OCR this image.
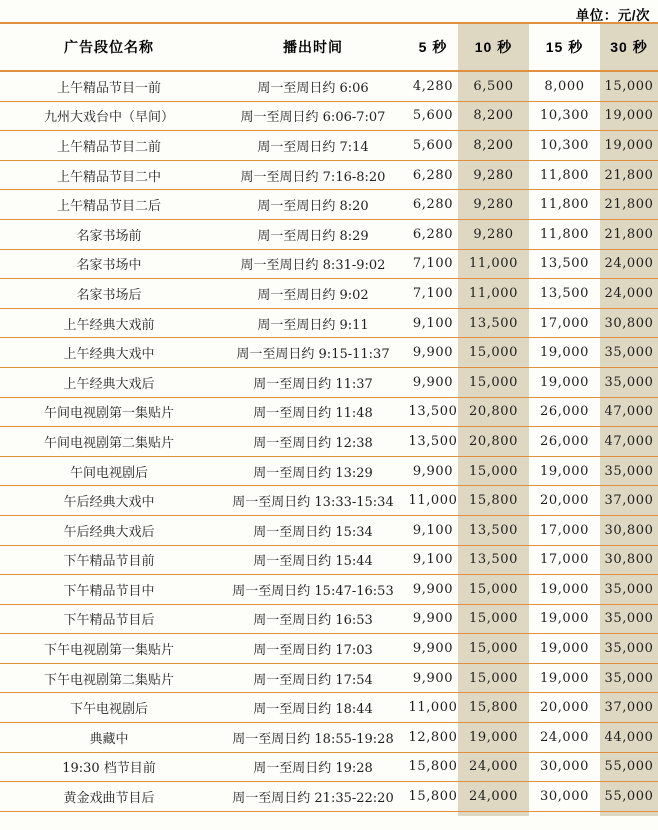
单位：元/次
广告段位名称	播出时间	5 秒	10 秒	15 秒	30 秒
上午精品节目一前	周一至周日约 6:06	4,280	6,500	8,000	15,000
九州大戏台中（早间）	周一至周日约 6:06-7:07	5,600	8,200	10,300	19,000
上午精品节目二前	周一至周日约 7:14	5,600	8,200	10,300	19,000
上午精品节目二中	周一至周日约 7:16-8:20	6,280	9,280	11,800	21,800
上午精品节目二后	周一至周日约 8:20	6,280	9,280	11,800	21,800
名家书场前	周一至周日约 8:29	6,280	9,280	11,800	21,800
名家书场中	周一至周日约 8:31-9:02	7,100	11,000	13,500	24,000
名家书场后	周一至周日约 9:02	7,100	11,000	13,500	24,000
上午经典大戏前	周一至周日约 9:11	9,100	13,500	17,000	30,800
上午经典大戏中	周一至周日约 9:15-11:37	9,900	15,000	19,000	35,000
上午经典大戏后	周一至周日约 11:37	9,900	15,000	19,000	35,000
午间电视剧第一集贴片	周一至周日约 11:48	13,500	20,800	26,000	47,000
午间电视剧第二集贴片	周一至周日约 12:38	13,500	20,800	26,000	47,000
午间电视剧后	周一至周日约 13:29	9,900	15,000	19,000	35,000
午后经典大戏中	周一至周日约 13:33-15:34	11,000	15,800	20,000	37,000
午后经典大戏后	周一至周日约 15:34	9,100	13,500	17,000	30,800
下午精品节目前	周一至周日约 15:44	9,100	13,500	17,000	30,800
下午精品节目中	周一至周日约 15:47-16:53	9,900	15,000	19,000	35,000
下午精品节目后	周一至周日约 16:53	9,900	15,000	19,000	35,000
下午电视剧第一集贴片	周一至周日约 17:03	9,900	15,000	19,000	35,000
下午电视剧第二集贴片	周一至周日约 17:54	9,900	15,000	19,000	35,000
下午电视剧后	周一至周日约 18:44	11,000	15,800	20,000	37,000
典藏中	周一至周日约 18:55-19:28	12,800	19,000	24,000	44,000
19:30 档节目前	周一至周日约 19:28	15,800	24,000	30,000	55,000
黄金戏曲节目后	周一至周日约 21:35-22:20	15,800	24,000	30,000	55,000
